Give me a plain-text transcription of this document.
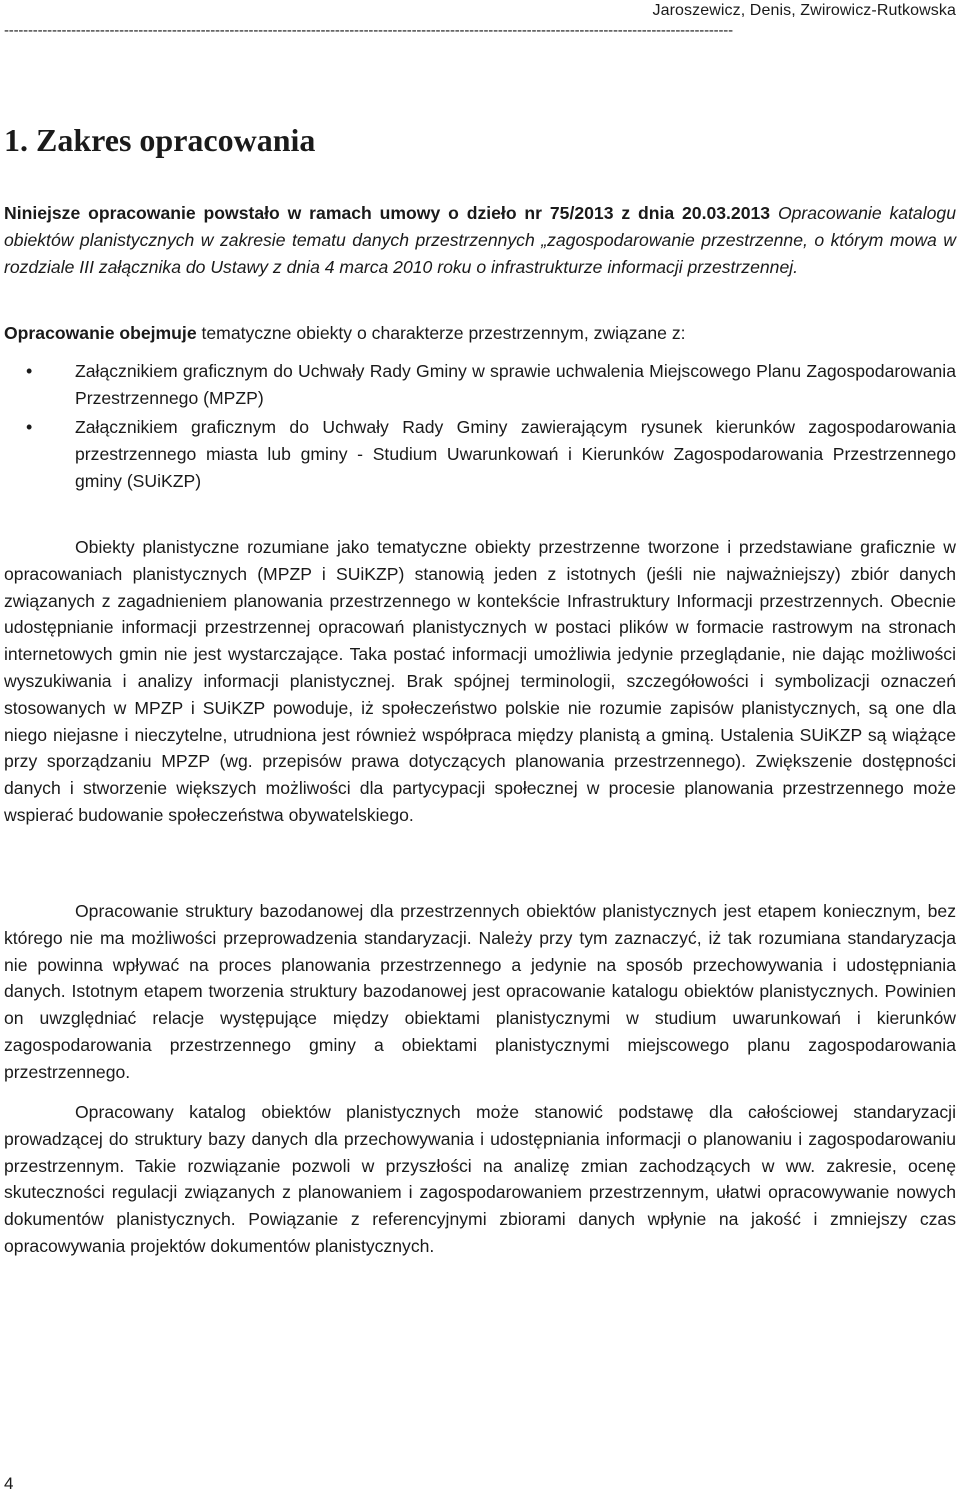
Jaroszewicz, Denis, Zwirowicz-Rutkowska
--------------------------------------------------------------------------------------------------------------------------------------------------------
1. Zakres opracowania
Niniejsze opracowanie powstało w ramach umowy o dzieło nr 75/2013 z dnia 20.03.2013 Opracowanie katalogu obiektów planistycznych w zakresie tematu danych przestrzennych „zagospodarowanie przestrzenne, o którym mowa w rozdziale III załącznika do Ustawy z dnia 4 marca 2010 roku o infrastrukturze informacji przestrzennej.
Opracowanie obejmuje tematyczne obiekty o charakterze przestrzennym, związane z:
• Załącznikiem graficznym do Uchwały Rady Gminy w sprawie uchwalenia Miejscowego Planu Zagospodarowania Przestrzennego (MPZP)
• Załącznikiem graficznym do Uchwały Rady Gminy zawierającym rysunek kierunków zagospodarowania przestrzennego miasta lub gminy - Studium Uwarunkowań i Kierunków Zagospodarowania Przestrzennego gminy (SUiKZP)
Obiekty planistyczne rozumiane jako tematyczne obiekty przestrzenne tworzone i przedstawiane graficznie w opracowaniach planistycznych (MPZP i SUiKZP) stanowią jeden z istotnych (jeśli nie najważniejszy) zbiór danych związanych z zagadnieniem planowania przestrzennego w kontekście Infrastruktury Informacji przestrzennych. Obecnie udostępnianie informacji przestrzennej opracowań planistycznych w postaci plików w formacie rastrowym na stronach internetowych gmin nie jest wystarczające. Taka postać informacji umożliwia jedynie przeglądanie, nie dając możliwości wyszukiwania i analizy informacji planistycznej. Brak spójnej terminologii, szczegółowości i symbolizacji oznaczeń stosowanych w MPZP i SUiKZP powoduje, iż społeczeństwo polskie nie rozumie zapisów planistycznych, są one dla niego niejasne i nieczytelne, utrudniona jest również współpraca między planistą a gminą. Ustalenia SUiKZP są wiążące przy sporządzaniu MPZP (wg. przepisów prawa dotyczących planowania przestrzennego). Zwiększenie dostępności danych i stworzenie większych możliwości dla partycypacji społecznej w procesie planowania przestrzennego może wspierać budowanie społeczeństwa obywatelskiego.
Opracowanie struktury bazodanowej dla przestrzennych obiektów planistycznych jest etapem koniecznym, bez którego nie ma możliwości przeprowadzenia standaryzacji. Należy przy tym zaznaczyć, iż tak rozumiana standaryzacja nie powinna wpływać na proces planowania przestrzennego a jedynie na sposób przechowywania i udostępniania danych. Istotnym etapem tworzenia struktury bazodanowej jest opracowanie katalogu obiektów planistycznych. Powinien on uwzględniać relacje występujące między obiektami planistycznymi w studium uwarunkowań i kierunków zagospodarowania przestrzennego gminy a obiektami planistycznymi miejscowego planu zagospodarowania przestrzennego.
Opracowany katalog obiektów planistycznych może stanowić podstawę dla całościowej standaryzacji prowadzącej do struktury bazy danych dla przechowywania i udostępniania informacji o planowaniu i zagospodarowaniu przestrzennym. Takie rozwiązanie pozwoli w przyszłości na analizę zmian zachodzących w ww. zakresie, ocenę skuteczności regulacji związanych z planowaniem i zagospodarowaniem przestrzennym, ułatwi opracowywanie nowych dokumentów planistycznych. Powiązanie z referencyjnymi zbiorami danych wpłynie na jakość i zmniejszy czas opracowywania projektów dokumentów planistycznych.
4
